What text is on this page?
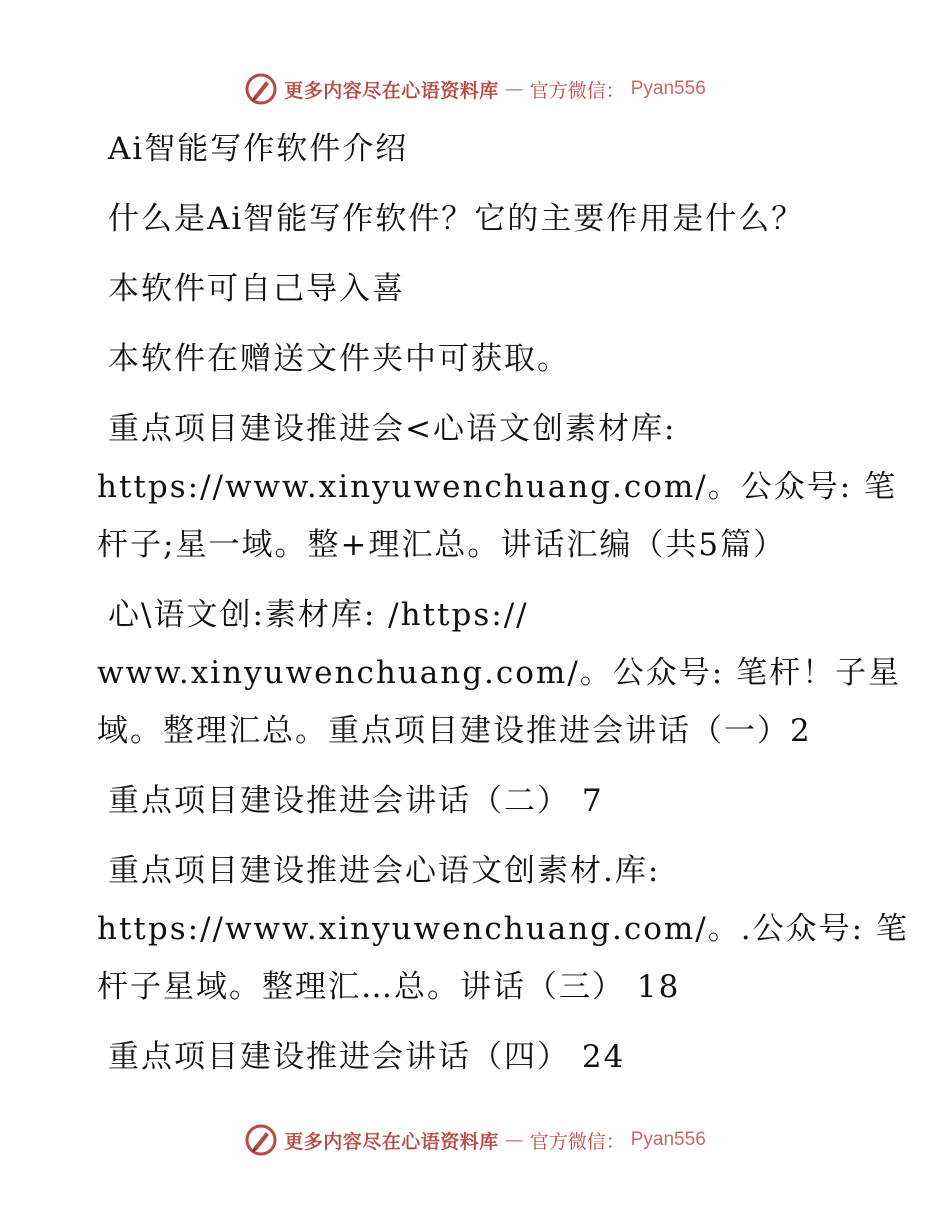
更多内容尽在心语资料库 — 官方微信： Pyan556

Ai智能写作软件介绍

什么是Ai智能写作软件？它的主要作用是什么？

本软件可自己导入喜

本软件在赠送文件夹中可获取。

重点项目建设推进会<心语文创素材库:

https://www.xinyuwenchuang.com/。公众号: 笔

杆子;星一域。整+理汇总。讲话汇编（共5篇）

心\语文创:素材库: /https://

www.xinyuwenchuang.com/。公众号: 笔杆！子星

域。整理汇总。重点项目建设推进会讲话（一）2

重点项目建设推进会讲话（二） 7

重点项目建设推进会心语文创素材.库:

https://www.xinyuwenchuang.com/。.公众号: 笔

杆子星域。整理汇…总。讲话（三） 18

重点项目建设推进会讲话（四） 24

更多内容尽在心语资料库 — 官方微信： Pyan556
